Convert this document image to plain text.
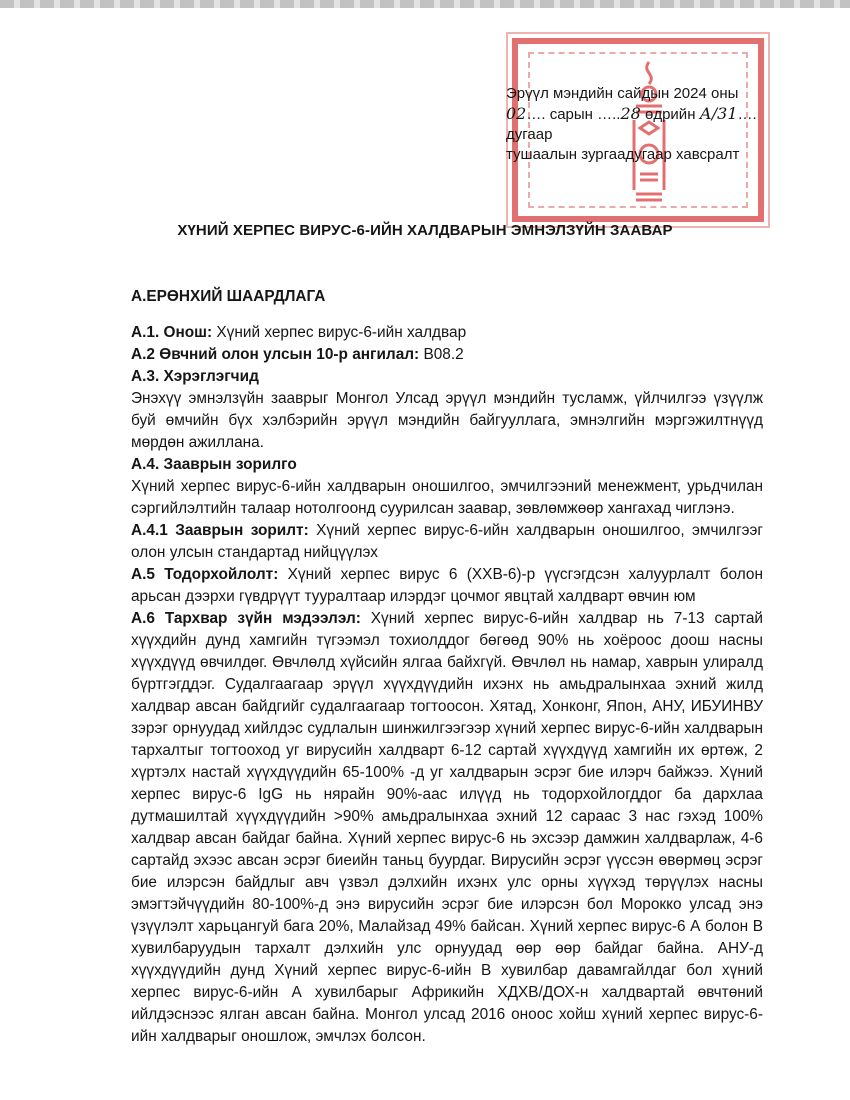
Эрүүл мэндийн сайдын 2024 оны
02…. сарын …..28 өдрийн А/31…. дугаар
тушаалын зургаадугаар хавсралт
ХҮНИЙ ХЕРПЕС ВИРУС-6-ИЙН ХАЛДВАРЫН ЭМНЭЛЗҮЙН ЗААВАР

А.ЕРӨНХИЙ ШААРДЛАГА

А.1. Онош: Хүний херпес вирус-6-ийн халдвар

А.2 Өвчний олон улсын 10-р ангилал: B08.2

А.3. Хэрэглэгчид

Энэхүү эмнэлзүйн зааврыг Монгол Улсад эрүүл мэндийн тусламж, үйлчилгээ үзүүлж буй өмчийн бүх хэлбэрийн эрүүл мэндийн байгууллага, эмнэлгийн мэргэжилтнүүд мөрдөн ажиллана.

А.4. Зааврын зорилго

Хүний херпес вирус-6-ийн халдварын оношилгоо, эмчилгээний менежмент, урьдчилан сэргийлэлтийн талаар нотолгоонд суурилсан заавар, зөвлөмжөөр хангахад чиглэнэ.

А.4.1 Зааврын зорилт: Хүний херпес вирус-6-ийн халдварын оношилгоо, эмчилгээг олон улсын стандартад нийцүүлэх

А.5 Тодорхойлолт: Хүний херпес вирус 6 (ХХВ-6)-р үүсгэгдсэн халуурлалт болон арьсан дээрхи гүвдрүүт тууралтаар илэрдэг цочмог явцтай халдварт өвчин юм

А.6 Тархвар зүйн мэдээлэл: Хүний херпес вирус-6-ийн халдвар нь 7-13 сартай хүүхдийн дунд хамгийн түгээмэл тохиолддог бөгөөд 90% нь хоёроос доош насны хүүхдүүд өвчилдөг. Өвчлөлд хүйсийн ялгаа байхгүй. Өвчлөл нь намар, хаврын улиралд бүртгэгддэг. Судалгаагаар эрүүл хүүхдүүдийн ихэнх нь амьдралынхаа эхний жилд халдвар авсан байдгийг судалгаагаар тогтоосон. Хятад, Хонконг, Япон, АНУ, ИБУИНВУ зэрэг орнуудад хийлдэс судлалын шинжилгээгээр хүний херпес вирус-6-ийн халдварын тархалтыг тогтооход уг вирусийн халдварт 6-12 сартай хүүхдүүд хамгийн их өртөж, 2 хүртэлх настай хүүхдүүдийн 65-100% -д уг халдварын эсрэг бие илэрч байжээ. Хүний херпес вирус-6 IgG нь нярайн 90%-аас илүүд нь тодорхойлогддог ба дархлаа дутмашилтай хүүхдүүдийн >90% амьдралынхаа эхний 12 сараас 3 нас гэхэд 100% халдвар авсан байдаг байна. Хүний херпес вирус-6 нь эхсээр дамжин халдварлаж, 4-6 сартайд эхээс авсан эсрэг биеийн таньц буурдаг. Вирусийн эсрэг үүссэн өвөрмөц эсрэг бие илэрсэн байдлыг авч үзвэл дэлхийн ихэнх улс орны хүүхэд төрүүлэх насны эмэгтэйчүүдийн 80-100%-д энэ вирусийн эсрэг бие илэрсэн бол Морокко улсад энэ үзүүлэлт харьцангуй бага 20%, Малайзад 49% байсан. Хүний херпес вирус-6 А болон В хувилбаруудын тархалт дэлхийн улс орнуудад өөр өөр байдаг байна. АНУ-д хүүхдүүдийн дунд Хүний херпес вирус-6-ийн В хувилбар давамгайлдаг бол хүний херпес вирус-6-ийн А хувилбарыг Африкийн ХДХВ/ДОХ-н халдвартай өвчтөний ийлдэснээс ялган авсан байна. Монгол улсад 2016 оноос хойш хүний херпес вирус-6-ийн халдварыг оношлож, эмчлэх болсон.
